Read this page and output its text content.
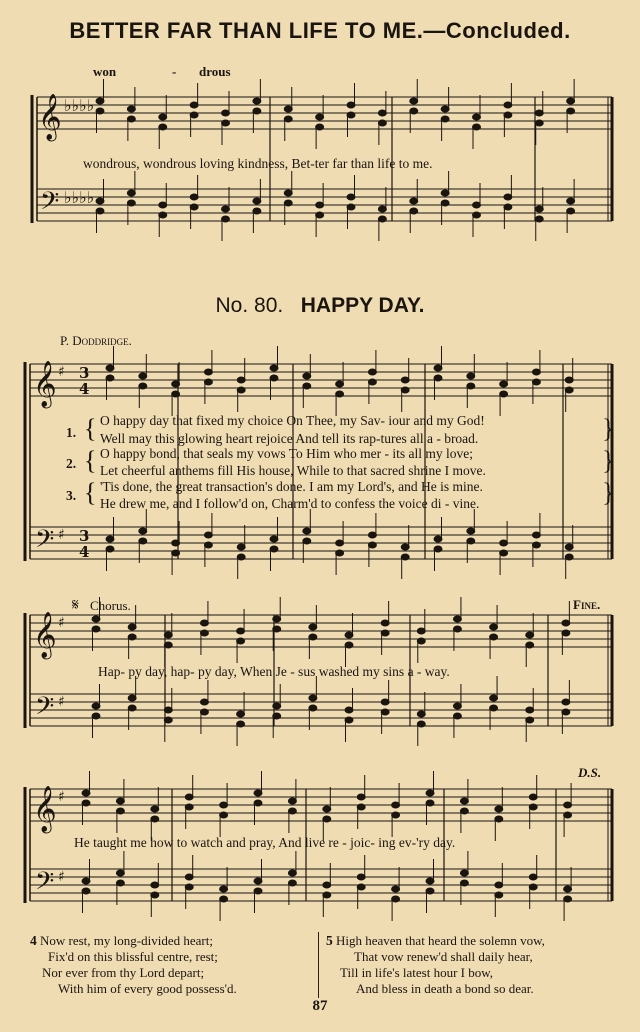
BETTER FAR THAN LIFE TO ME.—Concluded.
won	- drous
wondrous, wondrous loving kindness, Bet-ter far than life to me.
No. 80. HAPPY DAY.
P. Doddridge.
1. { O happy day that fixed my choice On Thee, my Sav- iour and my God!
Well may this glowing heart rejoice And tell its rap-tures all a - broad.	}
2. { O happy bond, that seals my vows To Him who mer - its all my love;
Let cheerful anthems fill His house, While to that sacred shrine I move.	}
3. { 'Tis done, the great transaction's done. I am my Lord's, and He is mine.
He drew me, and I follow'd on, Charm'd to confess the voice di - vine.	}
𝄋 Chorus.	Fine.
Hap- py day, hap- py day, When Je - sus washed my sins a - way.
D.S.
He taught me how to watch and pray, And live re - joic- ing ev-'ry day.
4 Now rest, my long-divided heart;
Fix'd on this blissful centre, rest;
Nor ever from thy Lord depart;
With him of every good possess'd.
5 High heaven that heard the solemn vow,
That vow renew'd shall daily hear,
Till in life's latest hour I bow,
And bless in death a bond so dear.
87
𝄞
𝄢
𝄞
𝄢
𝄞
𝄢
𝄞
𝄢
♭♭♭♭
♭♭♭♭
♯
♯
♯
♯
♯
♯
3
4
3
4
